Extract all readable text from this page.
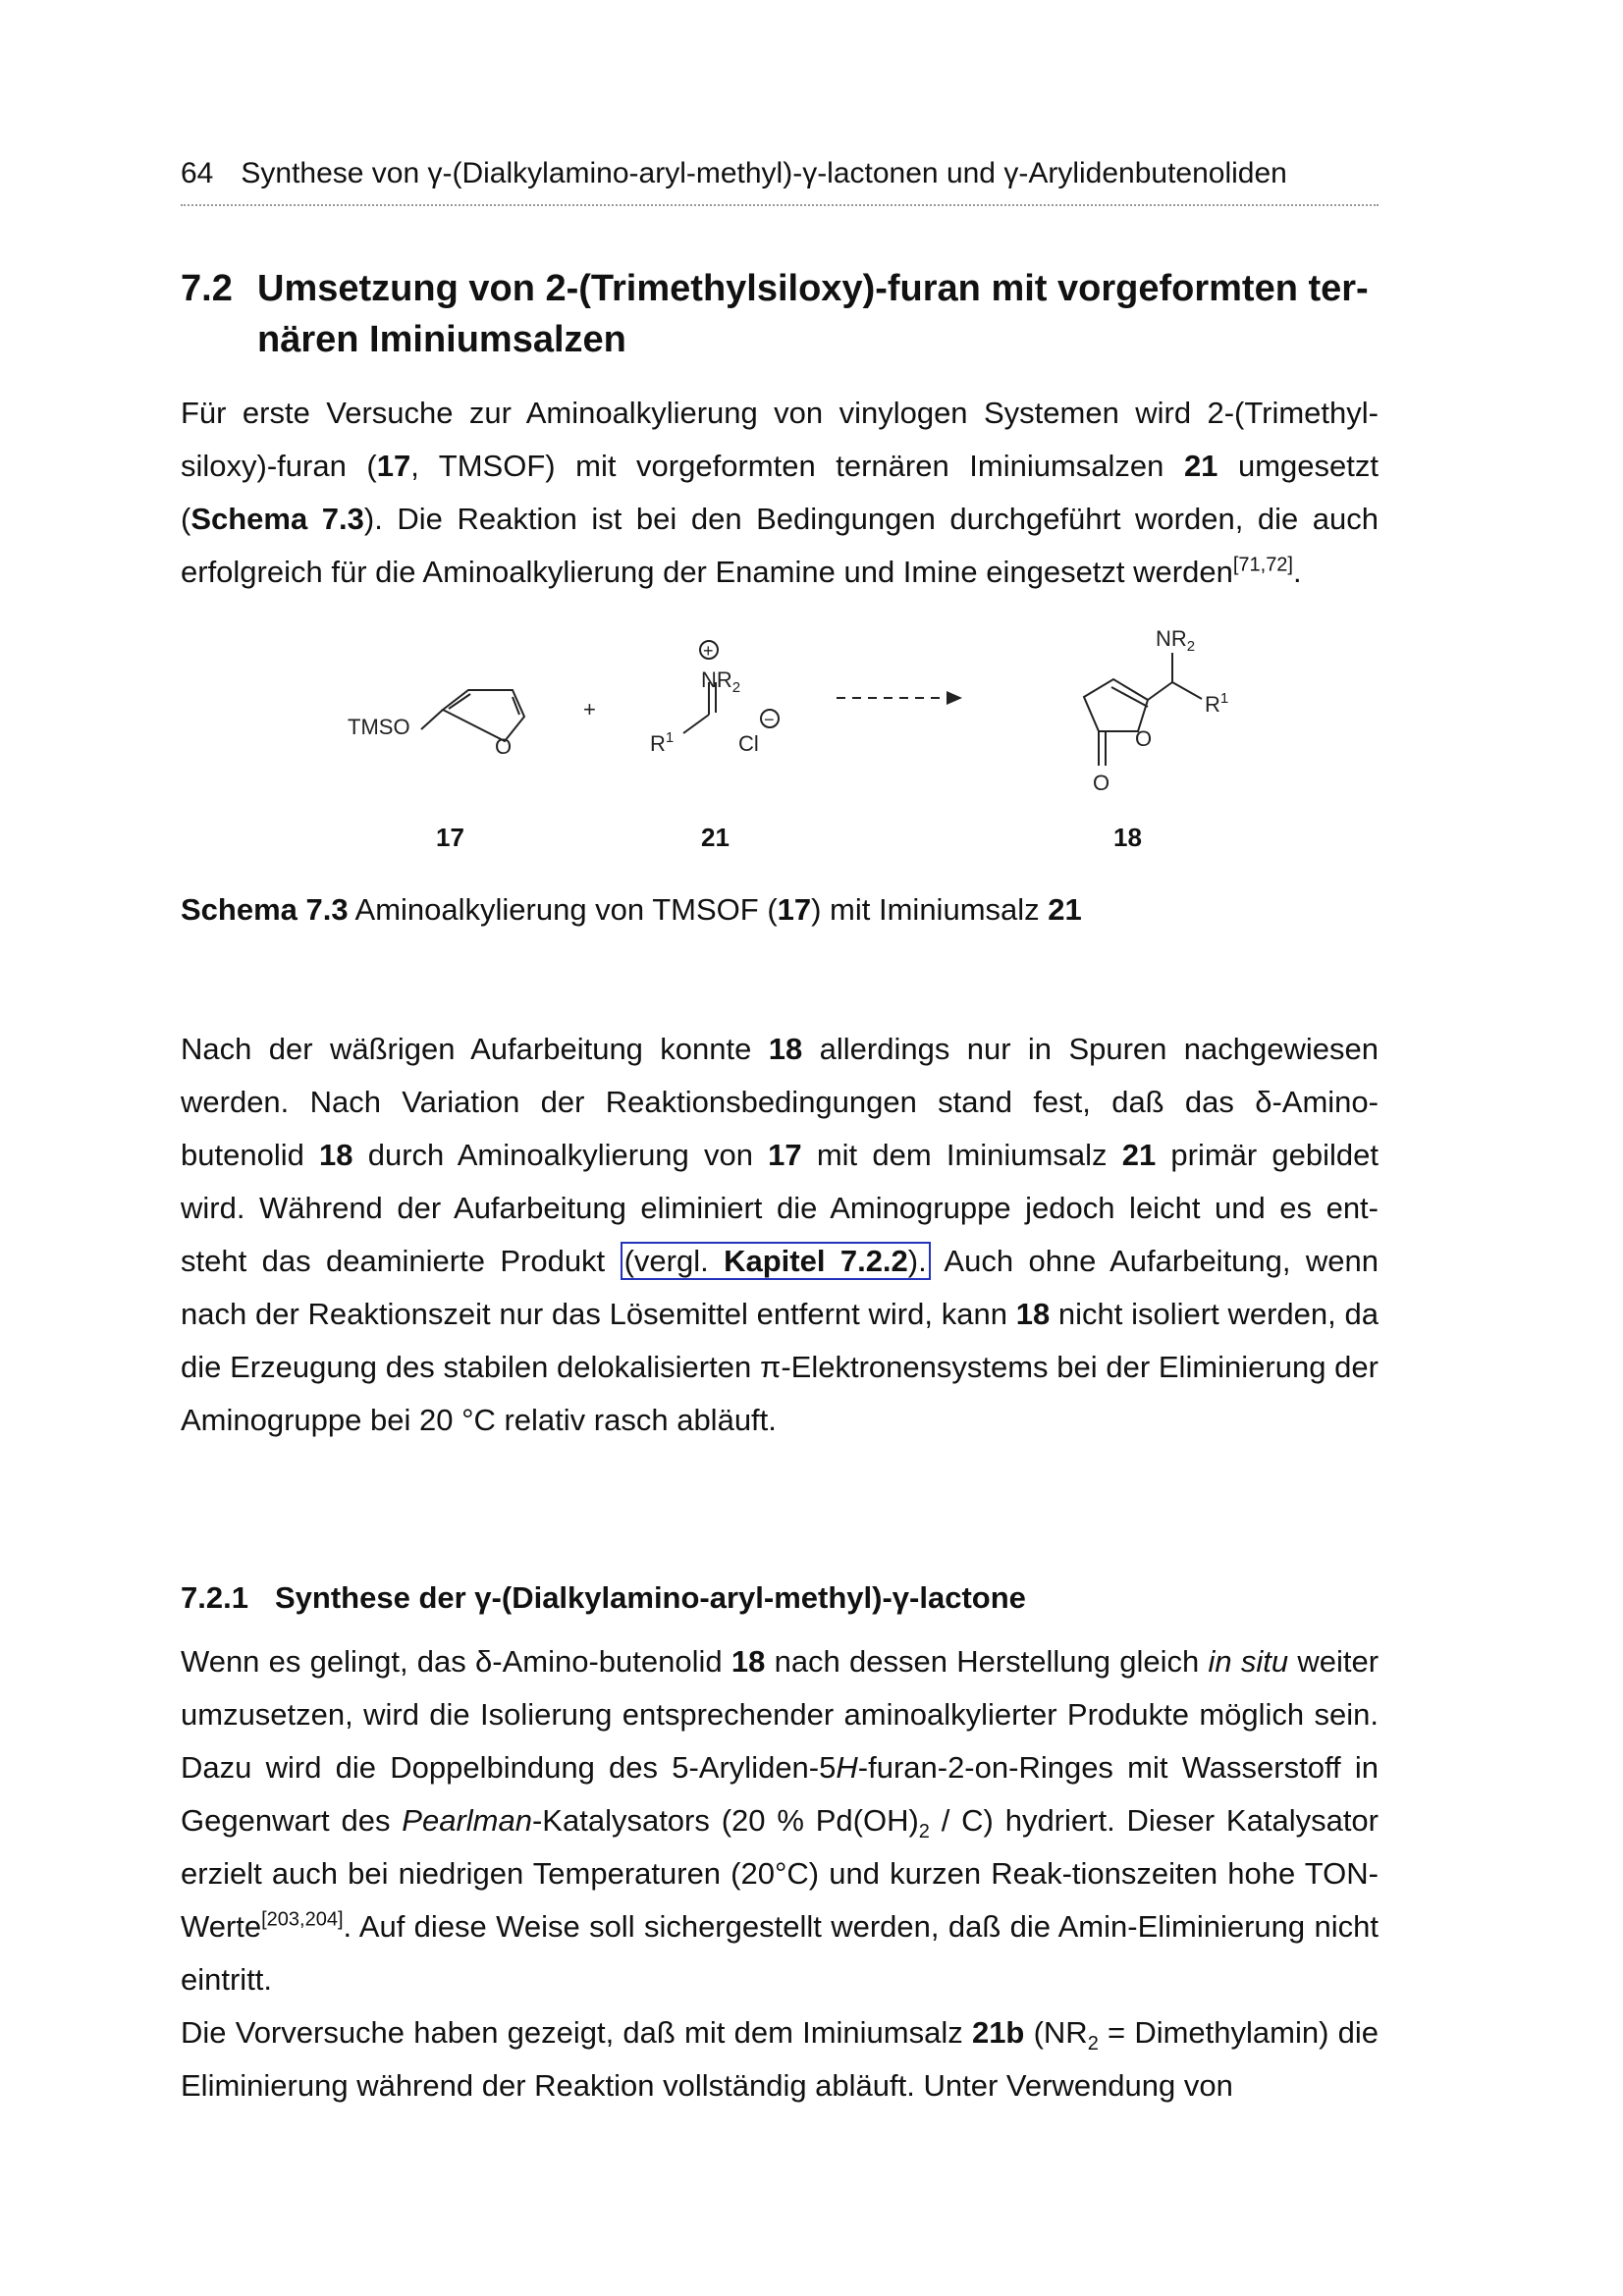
64 Synthese von γ-(Dialkylamino-aryl-methyl)-γ-lactonen und γ-Arylidenbutenoliden
7.2 Umsetzung von 2-(Trimethylsiloxy)-furan mit vorgeformten ter-
nären Iminiumsalzen

Für erste Versuche zur Aminoalkylierung von vinylogen Systemen wird 2-(Trimethyl-siloxy)-furan (17, TMSOF) mit vorgeformten ternären Iminiumsalzen 21 umgesetzt (Schema 7.3). Die Reaktion ist bei den Bedingungen durchgeführt worden, die auch erfolgreich für die Aminoalkylierung der Enamine und Imine eingesetzt werden[71,72].

TMSO
O
+
+
$NR_2$
$R^1$	Cl
−
$NR_2$
$R^1$
O
O
17	21	18

Schema 7.3 Aminoalkylierung von TMSOF (17) mit Iminiumsalz 21

Nach der wäßrigen Aufarbeitung konnte 18 allerdings nur in Spuren nachgewiesen werden. Nach Variation der Reaktionsbedingungen stand fest, daß das δ-Amino-butenolid 18 durch Aminoalkylierung von 17 mit dem Iminiumsalz 21 primär gebildet wird. Während der Aufarbeitung eliminiert die Aminogruppe jedoch leicht und es ent-steht das deaminierte Produkt (vergl. Kapitel 7.2.2). Auch ohne Aufarbeitung, wenn nach der Reaktionszeit nur das Lösemittel entfernt wird, kann 18 nicht isoliert werden, da die Erzeugung des stabilen delokalisierten π-Elektronensystems bei der Eliminierung der Aminogruppe bei 20 °C relativ rasch abläuft.

7.2.1 Synthese der γ-(Dialkylamino-aryl-methyl)-γ-lactone

Wenn es gelingt, das δ-Amino-butenolid 18 nach dessen Herstellung gleich in situ weiter umzusetzen, wird die Isolierung entsprechender aminoalkylierter Produkte möglich sein. Dazu wird die Doppelbindung des 5-Aryliden-5H-furan-2-on-Ringes mit Wasserstoff in Gegenwart des Pearlman-Katalysators (20 % $Pd(OH)_2 / C$) hydriert. Dieser Katalysator erzielt auch bei niedrigen Temperaturen (20°C) und kurzen Reak-tionszeiten hohe TON-Werte[203,204]. Auf diese Weise soll sichergestellt werden, daß die Amin-Eliminierung nicht eintritt.

Die Vorversuche haben gezeigt, daß mit dem Iminiumsalz 21b ($NR_2$ = Dimethylamin) die Eliminierung während der Reaktion vollständig abläuft. Unter Verwendung von
